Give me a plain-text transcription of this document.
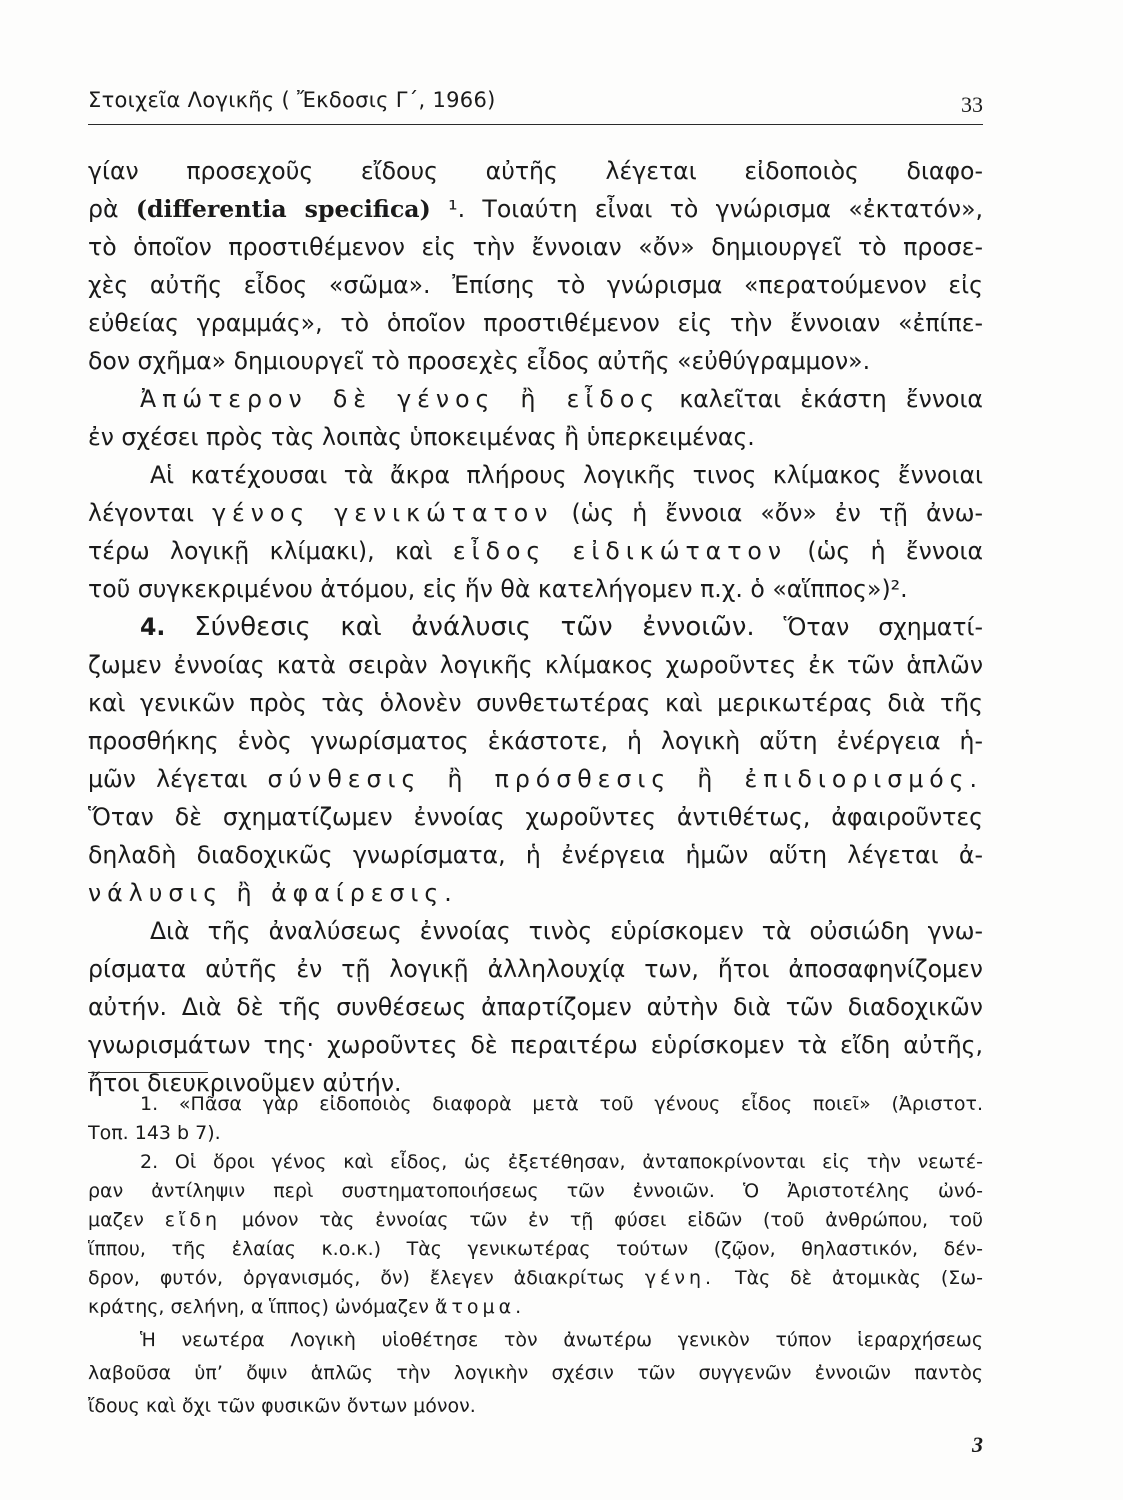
Στοιχεῖα Λογικῆς ( Ἔκδοσις Γ΄, 1966)	33
γίαν προσεχοῦς εἴδους αὐτῆς λέγεται εἰδοποιὸς διαφο-
ρὰ (differentia specifica) ¹. Τοιαύτη εἶναι τὸ γνώρισμα «ἐκτατόν»,
τὸ ὁποῖον προστιθέμενον εἰς τὴν ἔννοιαν «ὄν» δημιουργεῖ τὸ προσε-
χὲς αὐτῆς εἶδος «σῶμα». Ἐπίσης τὸ γνώρισμα «περατούμενον εἰς
εὐθείας γραμμάς», τὸ ὁποῖον προστιθέμενον εἰς τὴν ἔννοιαν «ἐπίπε-
δον σχῆμα» δημιουργεῖ τὸ προσεχὲς εἶδος αὐτῆς «εὐθύγραμμον».
Ἀπώτερον δὲ γένος ἢ εἶδος καλεῖται ἑκάστη ἔννοια
ἐν σχέσει πρὸς τὰς λοιπὰς ὑποκειμένας ἢ ὑπερκειμένας.
Αἱ κατέχουσαι τὰ ἄκρα πλήρους λογικῆς τινος κλίμακος ἔννοιαι
λέγονται γένος γενικώτατον (ὡς ἡ ἔννοια «ὄν» ἐν τῇ ἀνω-
τέρω λογικῇ κλίμακι), καὶ εἶδος εἰδικώτατον (ὡς ἡ ἔννοια
τοῦ συγκεκριμένου ἀτόμου, εἰς ἥν θὰ κατελήγομεν π.χ. ὁ «αἵππος»)².
4. Σύνθεσις καὶ ἀνάλυσις τῶν ἐννοιῶν. Ὅταν σχηματί-
ζωμεν ἐννοίας κατὰ σειρὰν λογικῆς κλίμακος χωροῦντες ἐκ τῶν ἁπλῶν
καὶ γενικῶν πρὸς τὰς ὁλονὲν συνθετωτέρας καὶ μερικωτέρας διὰ τῆς
προσθήκης ἑνὸς γνωρίσματος ἑκάστοτε, ἡ λογικὴ αὕτη ἐνέργεια ἡ-
μῶν λέγεται σύνθεσις ἢ πρόσθεσις ἢ ἐπιδιορισμός.
Ὅταν δὲ σχηματίζωμεν ἐννοίας χωροῦντες ἀντιθέτως, ἀφαιροῦντες
δηλαδὴ διαδοχικῶς γνωρίσματα, ἡ ἐνέργεια ἡμῶν αὕτη λέγεται ἀ-
νάλυσις ἢ ἀφαίρεσις.
Διὰ τῆς ἀναλύσεως ἐννοίας τινὸς εὑρίσκομεν τὰ οὐσιώδη γνω-
ρίσματα αὐτῆς ἐν τῇ λογικῇ ἀλληλουχίᾳ των, ἤτοι ἀποσαφηνίζομεν
αὐτήν. Διὰ δὲ τῆς συνθέσεως ἀπαρτίζομεν αὐτὴν διὰ τῶν διαδοχικῶν
γνωρισμάτων της· χωροῦντες δὲ περαιτέρω εὑρίσκομεν τὰ εἴδη αὐτῆς,
ἤτοι διευκρινοῦμεν αὐτήν.
1. «Πᾶσα γὰρ εἰδοποιὸς διαφορὰ μετὰ τοῦ γένους εἶδος ποιεῖ» (Ἀριστοτ.
Τοπ. 143 b 7).
2. Οἱ ὅροι γένος καὶ εἶδος, ὡς ἐξετέθησαν, ἀνταποκρίνονται εἰς τὴν νεωτέ-
ραν ἀντίληψιν περὶ συστηματοποιήσεως τῶν ἐννοιῶν. Ὁ Ἀριστοτέλης ὠνό-
μαζεν εἴδη μόνον τὰς ἐννοίας τῶν ἐν τῇ φύσει εἰδῶν (τοῦ ἀνθρώπου, τοῦ
ἵππου, τῆς ἐλαίας κ.ο.κ.) Τὰς γενικωτέρας τούτων (ζῷον, θηλαστικόν, δέν-
δρον, φυτόν, ὀργανισμός, ὄν) ἔλεγεν ἀδιακρίτως γένη. Τὰς δὲ ἀτομικὰς (Σω-
κράτης, σελήνη, α ἵππος) ὠνόμαζεν ἄτομα.
Ἡ νεωτέρα Λογικὴ υἱοθέτησε τὸν ἀνωτέρω γενικὸν τύπον ἱεραρχήσεως
λαβοῦσα ὑπ’ ὄψιν ἁπλῶς τὴν λογικὴν σχέσιν τῶν συγγενῶν ἐννοιῶν παντὸς
ἴδους καὶ ὄχι τῶν φυσικῶν ὄντων μόνον.
3
